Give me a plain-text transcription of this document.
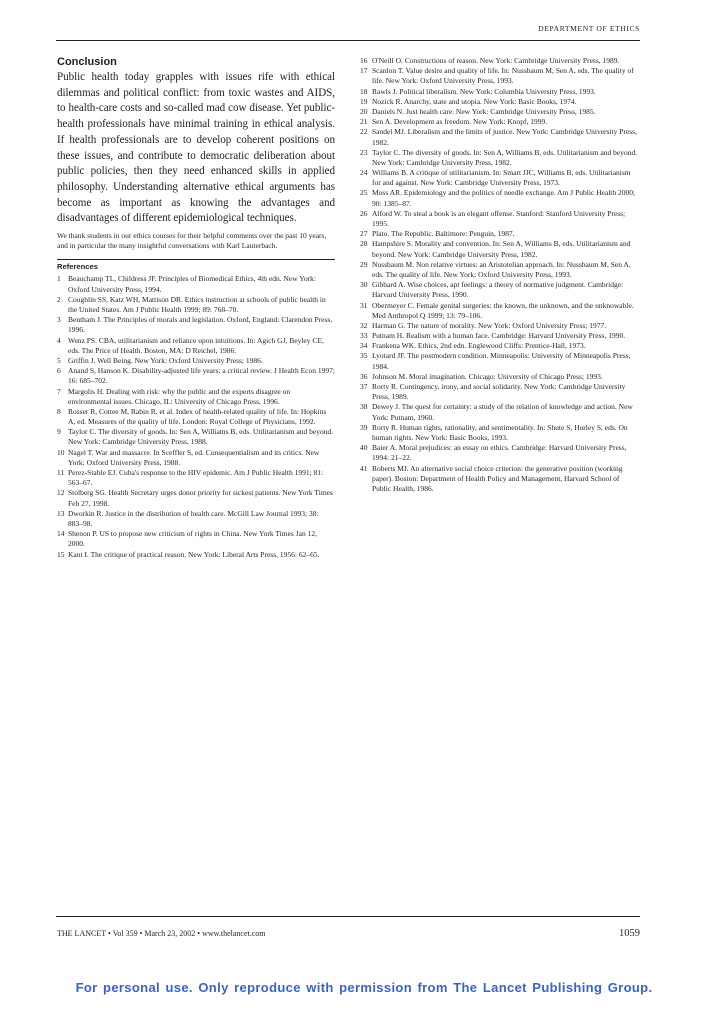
DEPARTMENT OF ETHICS
Conclusion

Public health today grapples with issues rife with ethical dilemmas and political conflict: from toxic wastes and AIDS, to health-care costs and so-called mad cow disease. Yet public-health professionals have minimal training in ethical analysis. If health professionals are to develop coherent positions on these issues, and contribute to democratic deliberation about public policies, then they need enhanced skills in applied philosophy. Understanding alternative ethical arguments has become as important as knowing the advantages and disadvantages of different epidemiological techniques.

We thank students in our ethics courses for their helpful comments over the past 10 years, and in particular the many insightful conversations with Karl Lauterbach.

References
1 Beauchamp TL, Childress JF. Principles of Biomedical Ethics, 4th edn. New York: Oxford University Press, 1994.
2 Coughlin SS, Katz WH, Mattison DR. Ethics instruction at schools of public health in the United States. Am J Public Health 1999; 89: 768–70.
3 Bentham J. The Principles of morals and legislation. Oxford, England: Clarendon Press, 1996.
4 Wenz PS. CBA, utilitarianism and reliance upon intuitions. In: Agich GJ, Beyley CE, eds. The Price of Health. Boston, MA: D Reichel, 1986.
5 Griffin J. Well Being. New York: Oxford University Press; 1986.
6 Anand S, Hanson K. Disability-adjusted life years: a critical review. J Health Econ 1997; 16: 685–702.
7 Margolis H. Dealing with risk: why the public and the experts disagree on environmental issues. Chicago, IL: University of Chicago Press, 1996.
8 Rosser R, Cottee M, Rabin R, et al. Index of health-related quality of life. In: Hopkins A, ed. Measures of the quality of life. London: Royal College of Physicians, 1992.
9 Taylor C. The diversity of goods. In: Sen A, Williams B, eds. Utilitarianism and beyond. New York: Cambridge University Press, 1988.
10 Nagel T. War and massacre. In Sceffler S, ed. Consequentialism and its critics. New York: Oxford University Press, 1988.
11 Perez-Stable EJ. Cuba's response to the HIV epidemic. Am J Public Health 1991; 81: 563–67.
12 Stolberg SG. Health Secretary urges donor priority for sickest patients. New York Times Feb 27, 1998.
13 Dworkin R. Justice in the distribution of health care. McGill Law Journal 1993; 38: 883–98.
14 Shenon P. US to propose new criticism of rights in China. New York Times Jan 12, 2000.
15 Kant I. The critique of practical reason. New York: Liberal Arts Press, 1956: 62–65.
16 O'Neill O. Constructions of reason. New York: Cambridge University Press, 1989.
17 Scanlon T. Value desire and quality of life. In: Nussbaum M, Sen A, eds. The quality of life. New York: Oxford University Press, 1993.
18 Rawls J. Political liberalism. New York: Columbia University Press, 1993.
19 Nozick R. Anarchy, state and utopia. New York: Basic Books, 1974.
20 Daniels N. Just health care. New York: Cambridge University Press, 1985.
21 Sen A. Development as freedom. New York: Knopf, 1999.
22 Sandel MJ. Liberalism and the limits of justice. New York: Cambridge University Press, 1982.
23 Taylor C. The diversity of goods. In: Sen A, Williams B, eds. Utilitarianism and beyond. New York: Cambridge University Press, 1982.
24 Williams B. A critique of utilitarianism. In: Smart JJC, Williams B, eds. Utilitarianism for and against. New York: Cambridge University Press, 1973.
25 Moss AR. Epidemiology and the politics of needle exchange. Am J Public Health 2000; 90: 1385–87.
26 Alford W. To steal a book is an elegant offense. Stanford: Stanford University Press; 1995.
27 Plato. The Republic. Baltimore: Penguin, 1987.
28 Hampshire S. Morality and convention. In: Sen A, Williams B, eds. Utilitarianism and beyond. New York: Cambridge University Press, 1982.
29 Nussbaum M. Non relative virtues: an Aristotelian approach. In: Nussbaum M, Sen A, eds. The quality of life. New York: Oxford University Press, 1993.
30 Gibbard A. Wise choices, apt feelings: a theory of normative judgment. Cambridge: Harvard University Press, 1990.
31 Obermeyer C. Female genital surgeries: the known, the unknown, and the unknowable. Med Anthropol Q 1999; 13: 79–106.
32 Harman G. The nature of morality. New York: Oxford University Press; 1977.
33 Putnam H. Realism with a human face. Cambridge: Harvard University Press, 1990.
34 Frankena WK. Ethics, 2nd edn. Englewood Cliffs: Prentice-Hall, 1973.
35 Lyotard JF. The postmodern condition. Minneapolis: University of Minneapolis Press, 1984.
36 Johnson M. Moral imagination. Chicago: University of Chicago Press; 1993.
37 Rorty R. Contingency, irony, and social solidarity. New York: Cambridge University Press, 1989.
38 Dewey J. The quest for certainty: a study of the relation of knowledge and action. New York: Putnam, 1960.
39 Rorty R. Human rights, rationality, and sentimentality. In: Shute S, Hurley S, eds. On human rights. New York: Basic Books, 1993.
40 Baier A. Moral prejudices: an essay on ethics. Cambridge: Harvard University Press, 1994: 21–22.
41 Roberts MJ. An alternative social choice criterion: the generative position (working paper). Boston: Department of Health Policy and Management, Harvard School of Public Health, 1986.
THE LANCET • Vol 359 • March 23, 2002 • www.thelancet.com	1059
For personal use. Only reproduce with permission from The Lancet Publishing Group.
